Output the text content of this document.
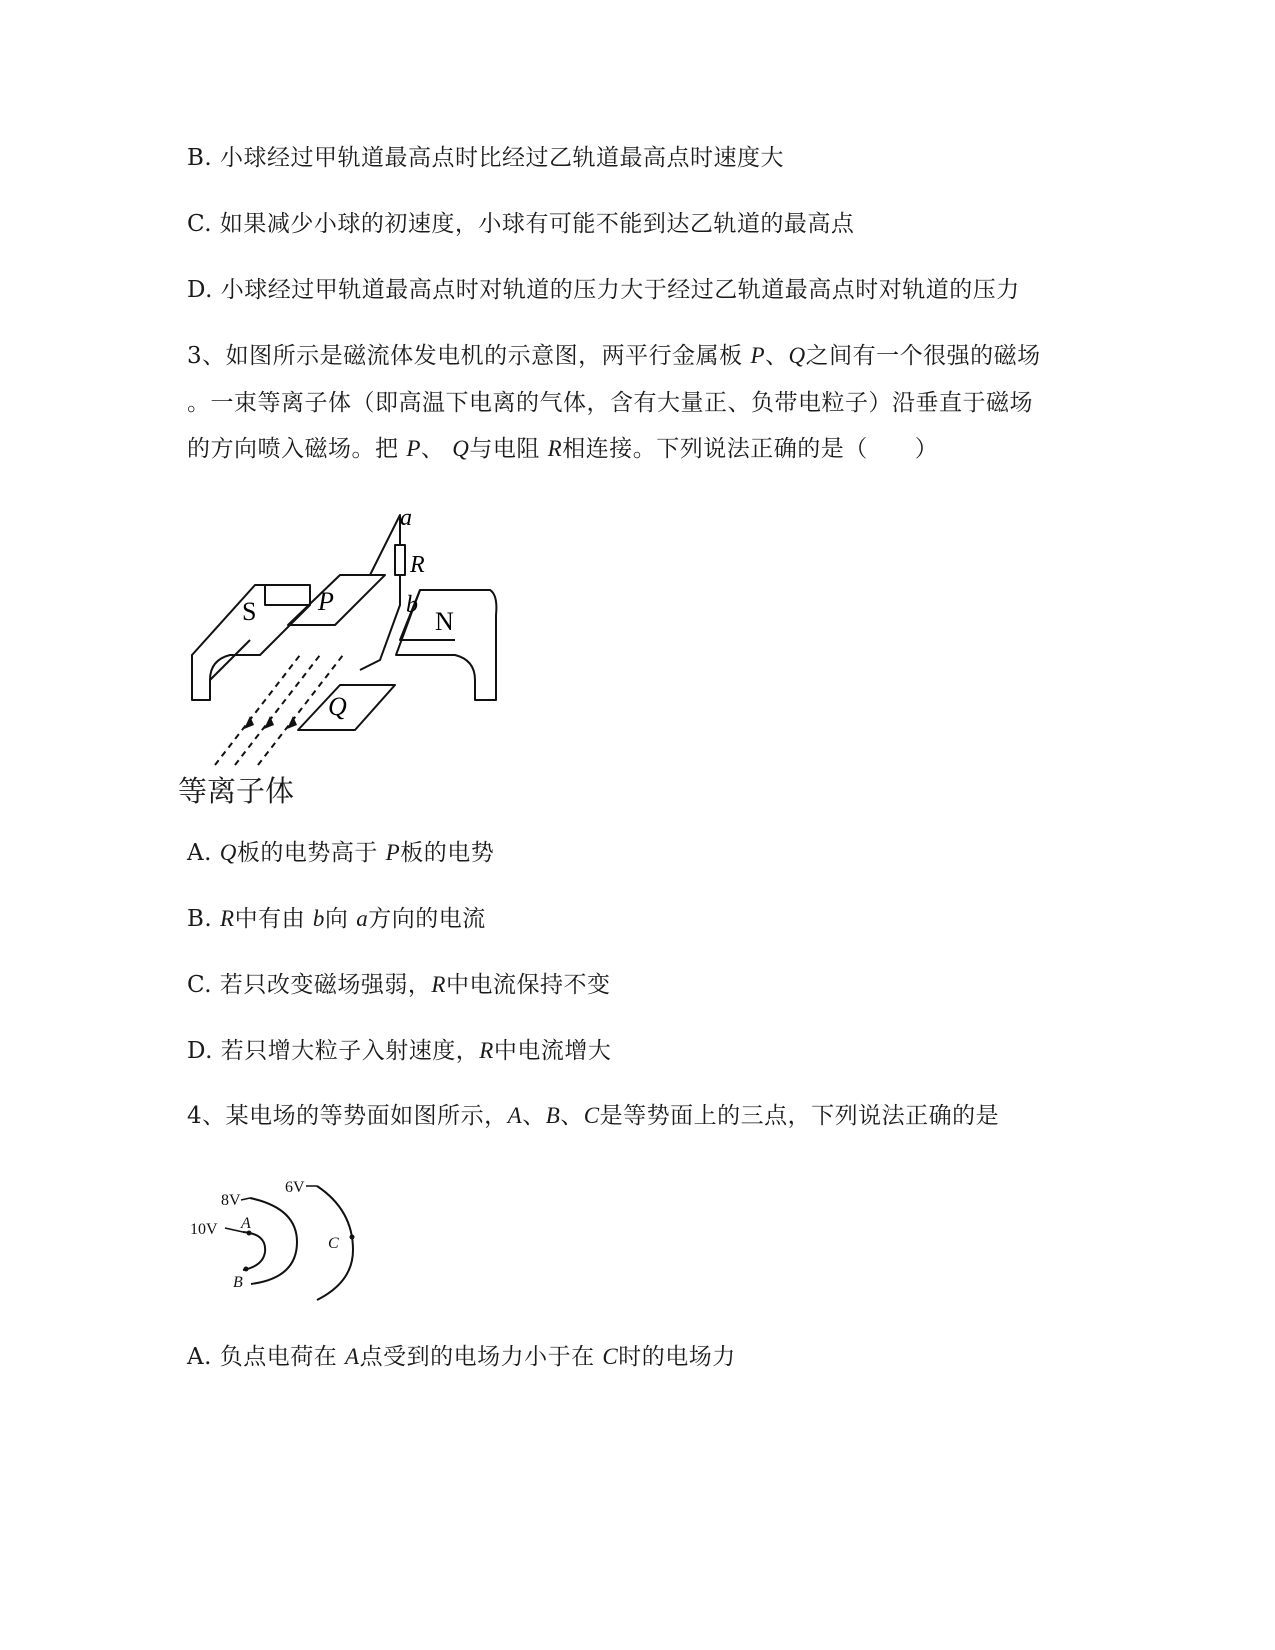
B. 小球经过甲轨道最高点时比经过乙轨道最高点时速度大
C. 如果减少小球的初速度，小球有可能不能到达乙轨道的最高点
D. 小球经过甲轨道最高点时对轨道的压力大于经过乙轨道最高点时对轨道的压力
3、如图所示是磁流体发电机的示意图，两平行金属板 P、Q之间有一个很强的磁场
。一束等离子体（即高温下电离的气体，含有大量正、负带电粒子）沿垂直于磁场
的方向喷入磁场。把 P、 Q与电阻 R相连接。下列说法正确的是（　　）
a
R
b
S P
N
Q
等离子体
A. Q板的电势高于 P板的电势
B. R中有由 b向 a方向的电流
C. 若只改变磁场强弱，R中电流保持不变
D. 若只增大粒子入射速度，R中电流增大
4、某电场的等势面如图所示，A、B、C是等势面上的三点，下列说法正确的是
8V
6V
10V A
B
C
A. 负点电荷在 A点受到的电场力小于在 C时的电场力
